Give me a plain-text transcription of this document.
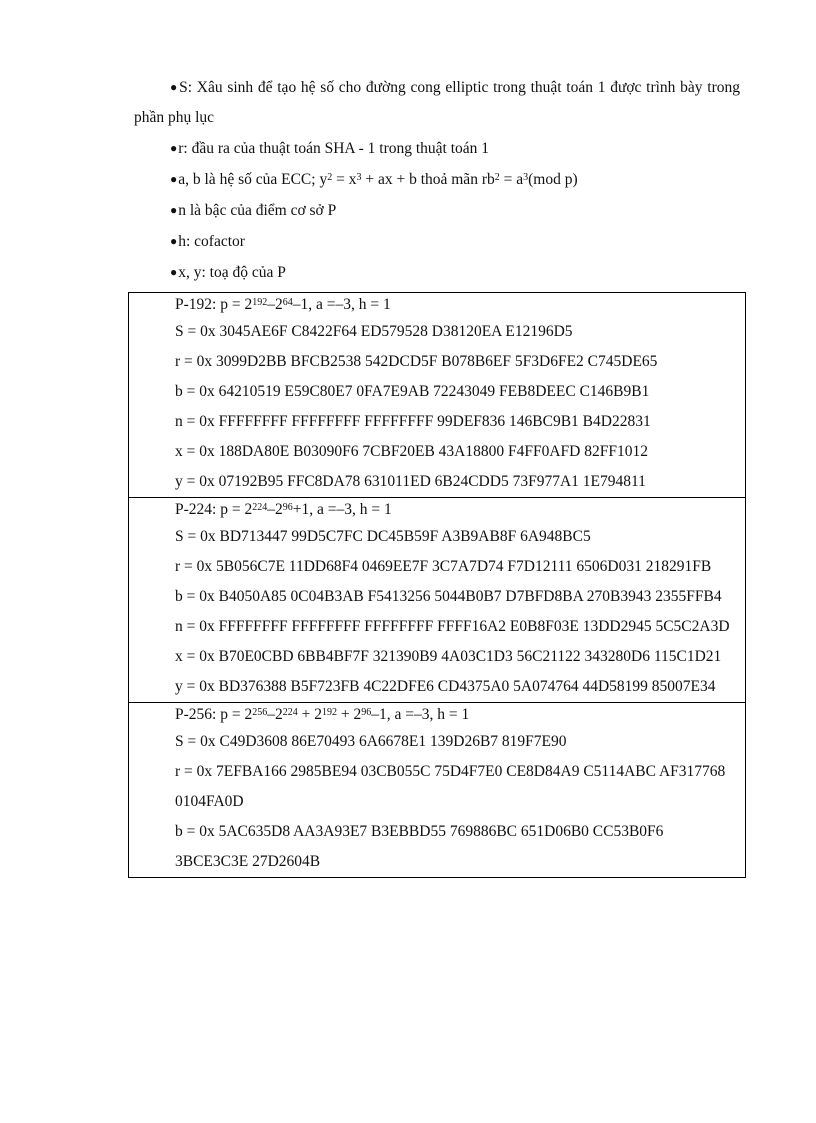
●S: Xâu sinh để tạo hệ số cho đường cong elliptic trong thuật toán 1 được trình bày trong phần phụ lục

●r: đầu ra của thuật toán SHA - 1 trong thuật toán 1

●a, b là hệ số của ECC; $y^2 = x^3$ + ax + b thoả mãn $rb^2 = a^3(mod$ p)

●n là bậc của điểm cơ sở P

●h: cofactor

●x, y: toạ độ của P

P-192: $p = 2^{192}-2^{64}-1$, a =–3, h = 1
S = 0x 3045AE6F C8422F64 ED579528 D38120EA E12196D5
r = 0x 3099D2BB BFCB2538 542DCD5F B078B6EF 5F3D6FE2 C745DE65
b = 0x 64210519 E59C80E7 0FA7E9AB 72243049 FEB8DEEC C146B9B1
n = 0x FFFFFFFF FFFFFFFF FFFFFFFF 99DEF836 146BC9B1 B4D22831
x = 0x 188DA80E B03090F6 7CBF20EB 43A18800 F4FF0AFD 82FF1012
y = 0x 07192B95 FFC8DA78 631011ED 6B24CDD5 73F977A1 1E794811
P-224: $p = 2^{224}-2^{96}+1$, a =–3, h = 1
S = 0x BD713447 99D5C7FC DC45B59F A3B9AB8F 6A948BC5
r = 0x 5B056C7E 11DD68F4 0469EE7F 3C7A7D74 F7D12111 6506D031 218291FB
b = 0x B4050A85 0C04B3AB F5413256 5044B0B7 D7BFD8BA 270B3943 2355FFB4
n = 0x FFFFFFFF FFFFFFFF FFFFFFFF FFFF16A2 E0B8F03E 13DD2945 5C5C2A3D
x = 0x B70E0CBD 6BB4BF7F 321390B9 4A03C1D3 56C21122 343280D6 115C1D21
y = 0x BD376388 B5F723FB 4C22DFE6 CD4375A0 5A074764 44D58199 85007E34
P-256: $p = 2^{256}-2^{224} + 2^{192} + 2^{96}-1$, a =–3, h = 1
S = 0x C49D3608 86E70493 6A6678E1 139D26B7 819F7E90
r = 0x 7EFBA166 2985BE94 03CB055C 75D4F7E0 CE8D84A9 C5114ABC AF317768 0104FA0D
b = 0x 5AC635D8 AA3A93E7 B3EBBD55 769886BC 651D06B0 CC53B0F6 3BCE3C3E 27D2604B
